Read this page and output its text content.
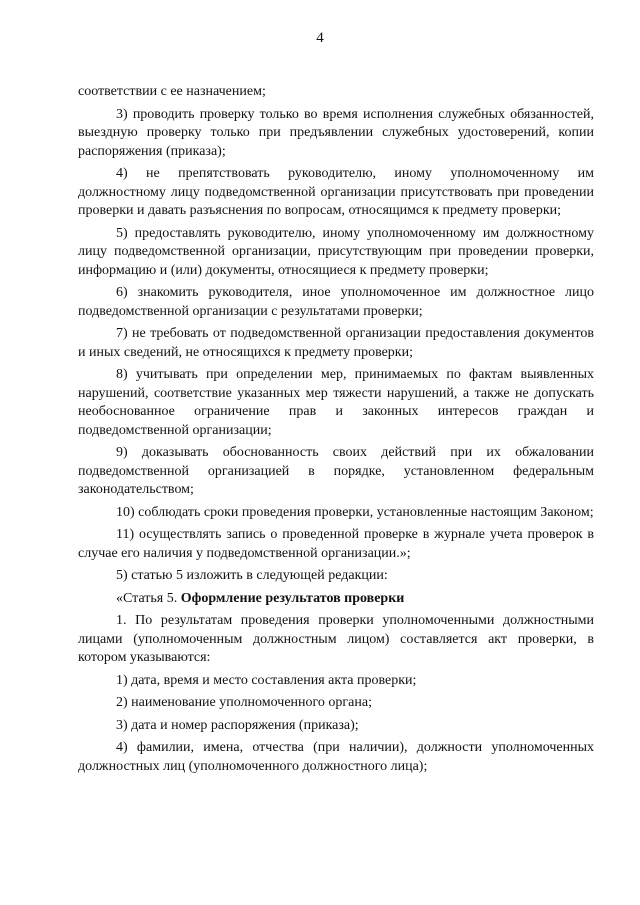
4

соответствии с ее назначением;

3) проводить проверку только во время исполнения служебных обязанностей, выездную проверку только при предъявлении служебных удостоверений, копии распоряжения (приказа);

4) не препятствовать руководителю, иному уполномоченному им должностному лицу подведомственной организации присутствовать при проведении проверки и давать разъяснения по вопросам, относящимся к предмету проверки;

5) предоставлять руководителю, иному уполномоченному им должностному лицу подведомственной организации, присутствующим при проведении проверки, информацию и (или) документы, относящиеся к предмету проверки;

6) знакомить руководителя, иное уполномоченное им должностное лицо подведомственной организации с результатами проверки;

7) не требовать от подведомственной организации предоставления документов и иных сведений, не относящихся к предмету проверки;

8) учитывать при определении мер, принимаемых по фактам выявленных нарушений, соответствие указанных мер тяжести нарушений, а также не допускать необоснованное ограничение прав и законных интересов граждан и подведомственной организации;

9) доказывать обоснованность своих действий при их обжаловании подведомственной организацией в порядке, установленном федеральным законодательством;

10) соблюдать сроки проведения проверки, установленные настоящим Законом;

11) осуществлять запись о проведенной проверке в журнале учета проверок в случае его наличия у подведомственной организации.»;

5) статью 5 изложить в следующей редакции:

«Статья 5. Оформление результатов проверки

1. По результатам проведения проверки уполномоченными должностными лицами (уполномоченным должностным лицом) составляется акт проверки, в котором указываются:

1) дата, время и место составления акта проверки;

2) наименование уполномоченного органа;

3) дата и номер распоряжения (приказа);

4) фамилии, имена, отчества (при наличии), должности уполномоченных должностных лиц (уполномоченного должностного лица);
